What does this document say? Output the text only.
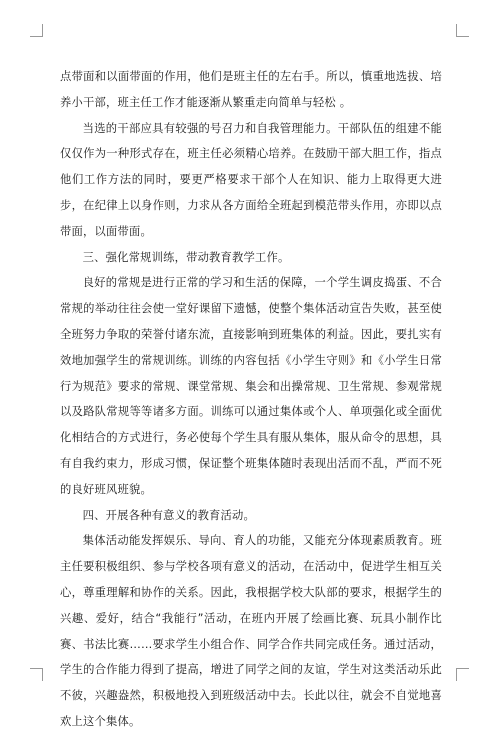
点带面和以面带面的作用，他们是班主任的左右手。所以，慎重地选拔、培养小干部，班主任工作才能逐渐从繁重走向简单与轻松 。

当选的干部应具有较强的号召力和自我管理能力。干部队伍的组建不能仅仅作为一种形式存在，班主任必须精心培养。在鼓励干部大胆工作，指点他们工作方法的同时，要更严格要求干部个人在知识、能力上取得更大进步，在纪律上以身作则，力求从各方面给全班起到模范带头作用，亦即以点带面，以面带面。

三、强化常规训练，带动教育教学工作。

良好的常规是进行正常的学习和生活的保障，一个学生调皮捣蛋、不合常规的举动往往会使一堂好课留下遗憾，使整个集体活动宣告失败，甚至使全班努力争取的荣誉付诸东流，直接影响到班集体的利益。因此，要扎实有效地加强学生的常规训练。训练的内容包括《小学生守则》和《小学生日常行为规范》要求的常规、课堂常规、集会和出操常规、卫生常规、参观常规以及路队常规等等诸多方面。训练可以通过集体或个人、单项强化或全面优化相结合的方式进行，务必使每个学生具有服从集体，服从命令的思想，具有自我约束力，形成习惯，保证整个班集体随时表现出活而不乱，严而不死的良好班风班貌。

四、开展各种有意义的教育活动。

集体活动能发挥娱乐、导向、育人的功能，又能充分体现素质教育。班主任要积极组织、参与学校各项有意义的活动，在活动中，促进学生相互关心，尊重理解和协作的关系。因此，我根据学校大队部的要求，根据学生的兴趣、爱好，结合“我能行”活动，在班内开展了绘画比赛、玩具小制作比赛、书法比赛……要求学生小组合作、同学合作共同完成任务。通过活动，学生的合作能力得到了提高，增进了同学之间的友谊，学生对这类活动乐此不彼，兴趣盎然，积极地投入到班级活动中去。长此以往，就会不自觉地喜欢上这个集体。
